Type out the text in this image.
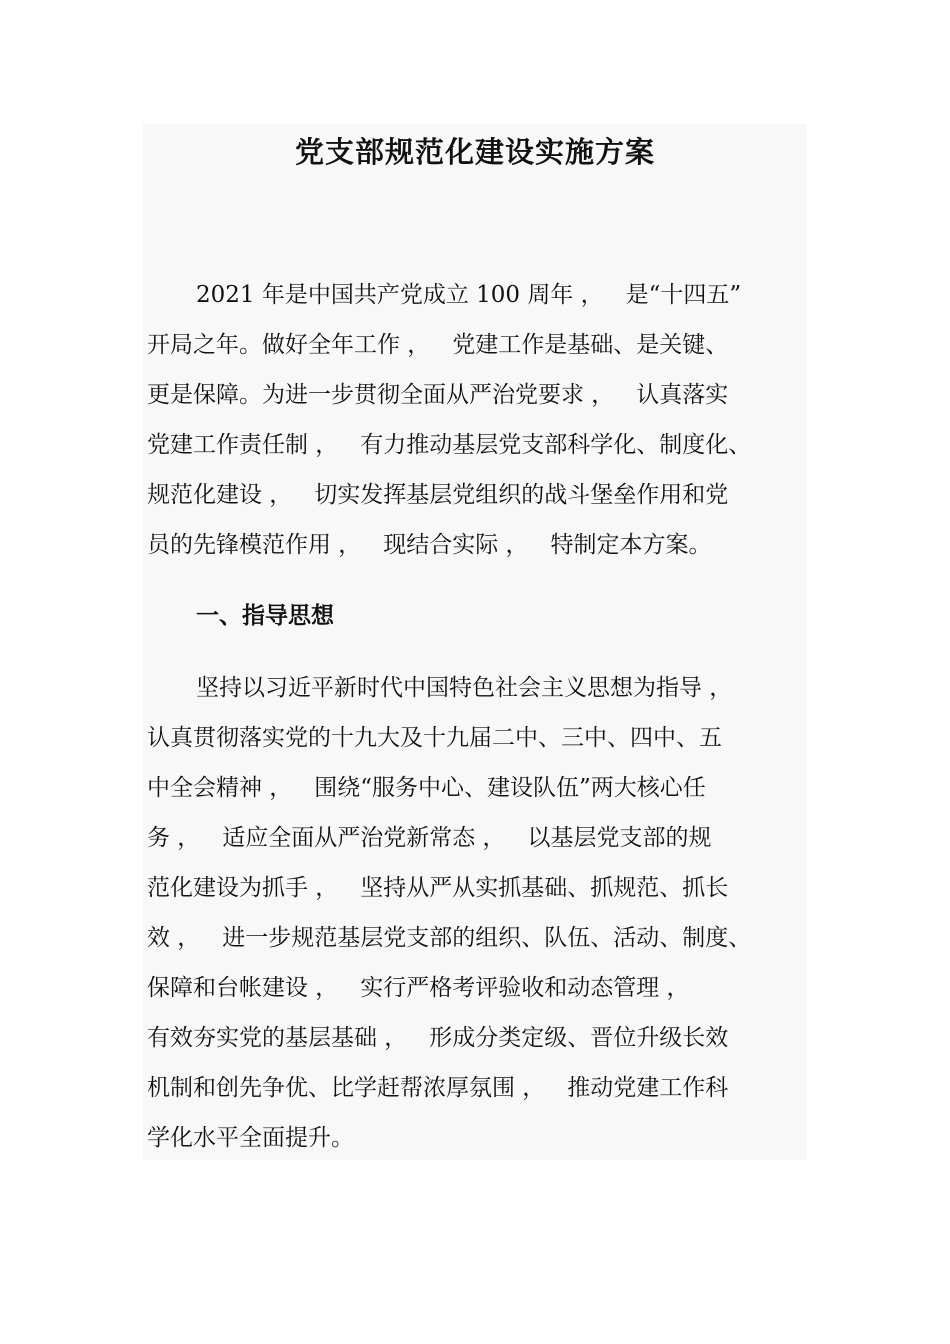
党支部规范化建设实施方案

2021 年是中国共产党成立 100 周年 ，   是“十四五”

开局之年。做好全年工作 ，   党建工作是基础、是关键、

更是保障。为进一步贯彻全面从严治党要求 ，   认真落实

党建工作责任制 ，   有力推动基层党支部科学化、制度化、

规范化建设 ，   切实发挥基层党组织的战斗堡垒作用和党

员的先锋模范作用 ，   现结合实际 ，   特制定本方案。

一、指导思想

坚持以习近平新时代中国特色社会主义思想为指导 ，

认真贯彻落实党的十九大及十九届二中、三中、四中、五

中全会精神 ，   围绕“服务中心、建设队伍”两大核心任

务 ，   适应全面从严治党新常态 ，   以基层党支部的规

范化建设为抓手 ，   坚持从严从实抓基础、抓规范、抓长

效 ，   进一步规范基层党支部的组织、队伍、活动、制度、

保障和台帐建设 ，   实行严格考评验收和动态管理 ，

有效夯实党的基层基础 ，   形成分类定级、晋位升级长效

机制和创先争优、比学赶帮浓厚氛围 ，   推动党建工作科

学化水平全面提升。
